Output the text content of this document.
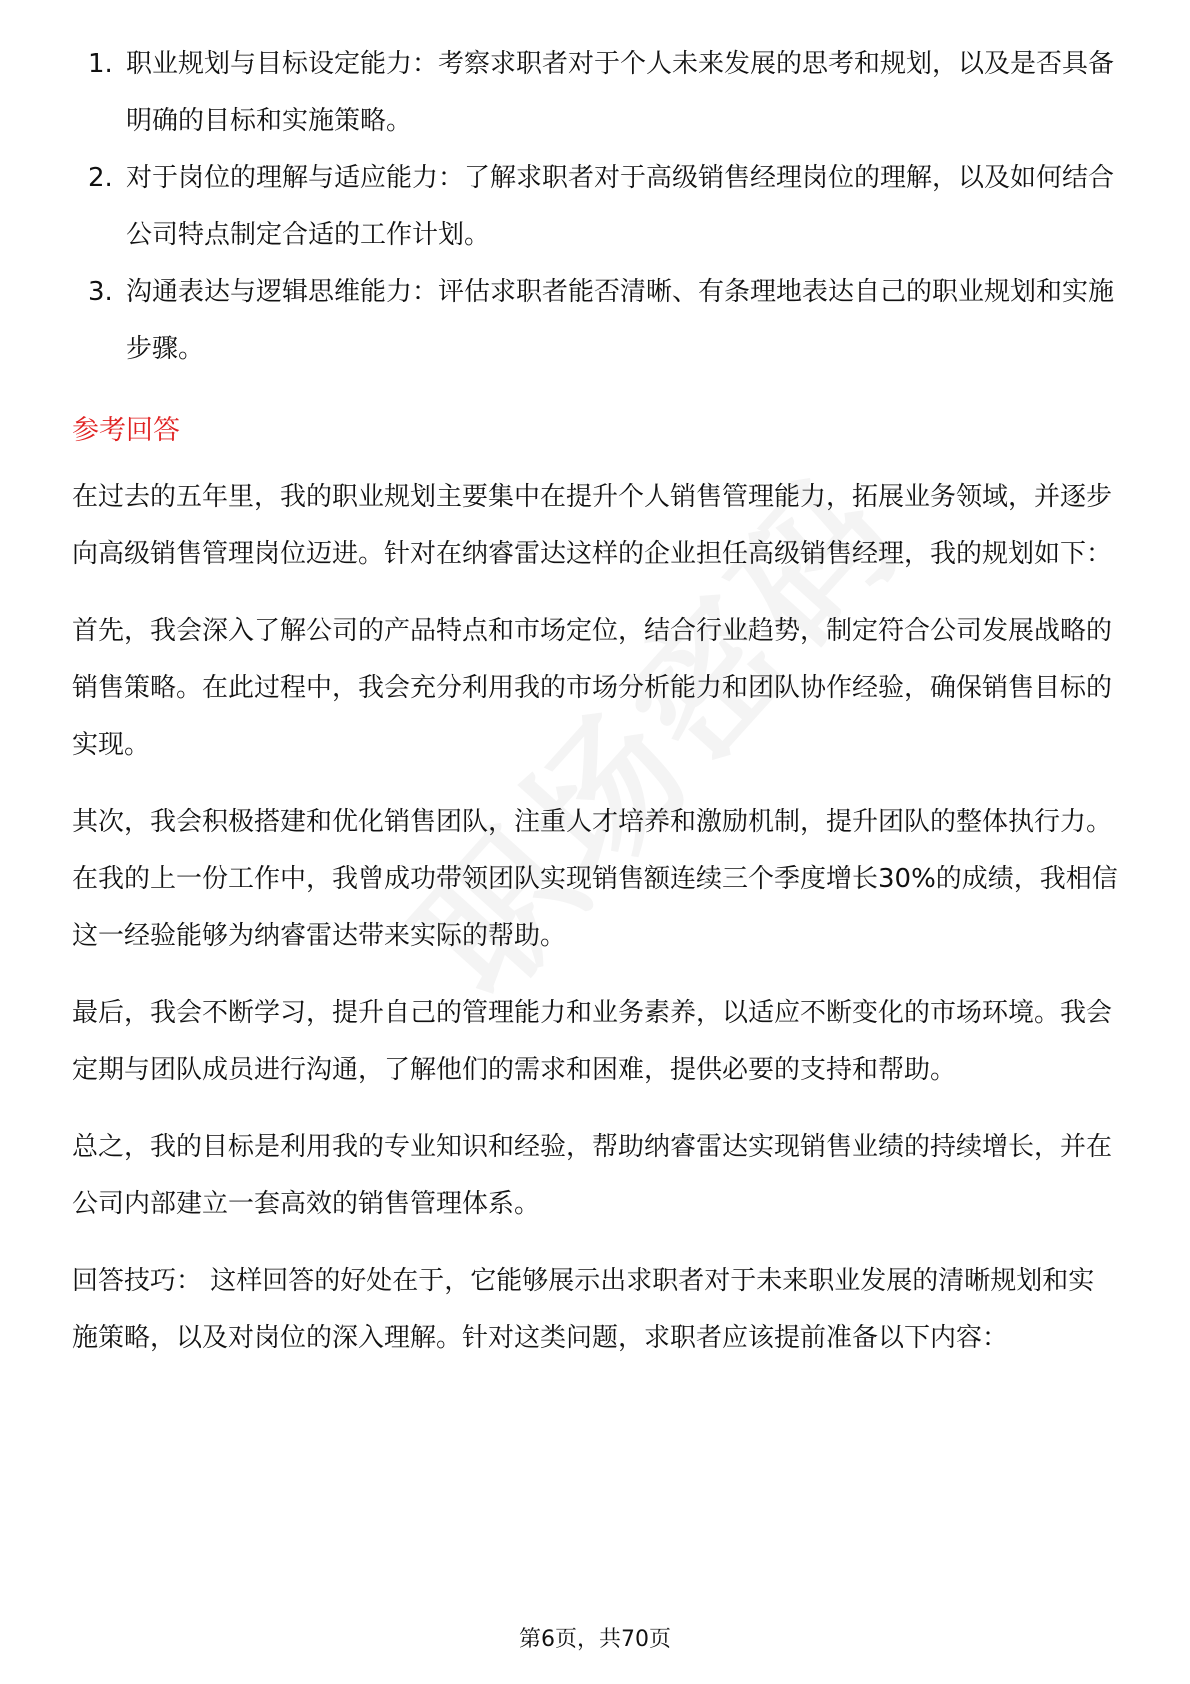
1. 职业规划与目标设定能力：考察求职者对于个人未来发展的思考和规划，以及是否具备明确的目标和实施策略。
2. 对于岗位的理解与适应能力：了解求职者对于高级销售经理岗位的理解，以及如何结合公司特点制定合适的工作计划。
3. 沟通表达与逻辑思维能力：评估求职者能否清晰、有条理地表达自己的职业规划和实施步骤。
参考回答

在过去的五年里，我的职业规划主要集中在提升个人销售管理能力，拓展业务领域，并逐步向高级销售管理岗位迈进。针对在纳睿雷达这样的企业担任高级销售经理，我的规划如下：

首先，我会深入了解公司的产品特点和市场定位，结合行业趋势，制定符合公司发展战略的销售策略。在此过程中，我会充分利用我的市场分析能力和团队协作经验，确保销售目标的实现。

其次，我会积极搭建和优化销售团队，注重人才培养和激励机制，提升团队的整体执行力。在我的上一份工作中，我曾成功带领团队实现销售额连续三个季度增长30%的成绩，我相信这一经验能够为纳睿雷达带来实际的帮助。

最后，我会不断学习，提升自己的管理能力和业务素养，以适应不断变化的市场环境。我会定期与团队成员进行沟通，了解他们的需求和困难，提供必要的支持和帮助。

总之，我的目标是利用我的专业知识和经验，帮助纳睿雷达实现销售业绩的持续增长，并在公司内部建立一套高效的销售管理体系。

回答技巧： 这样回答的好处在于，它能够展示出求职者对于未来职业发展的清晰规划和实施策略，以及对岗位的深入理解。针对这类问题，求职者应该提前准备以下内容：

第6页，共70页
